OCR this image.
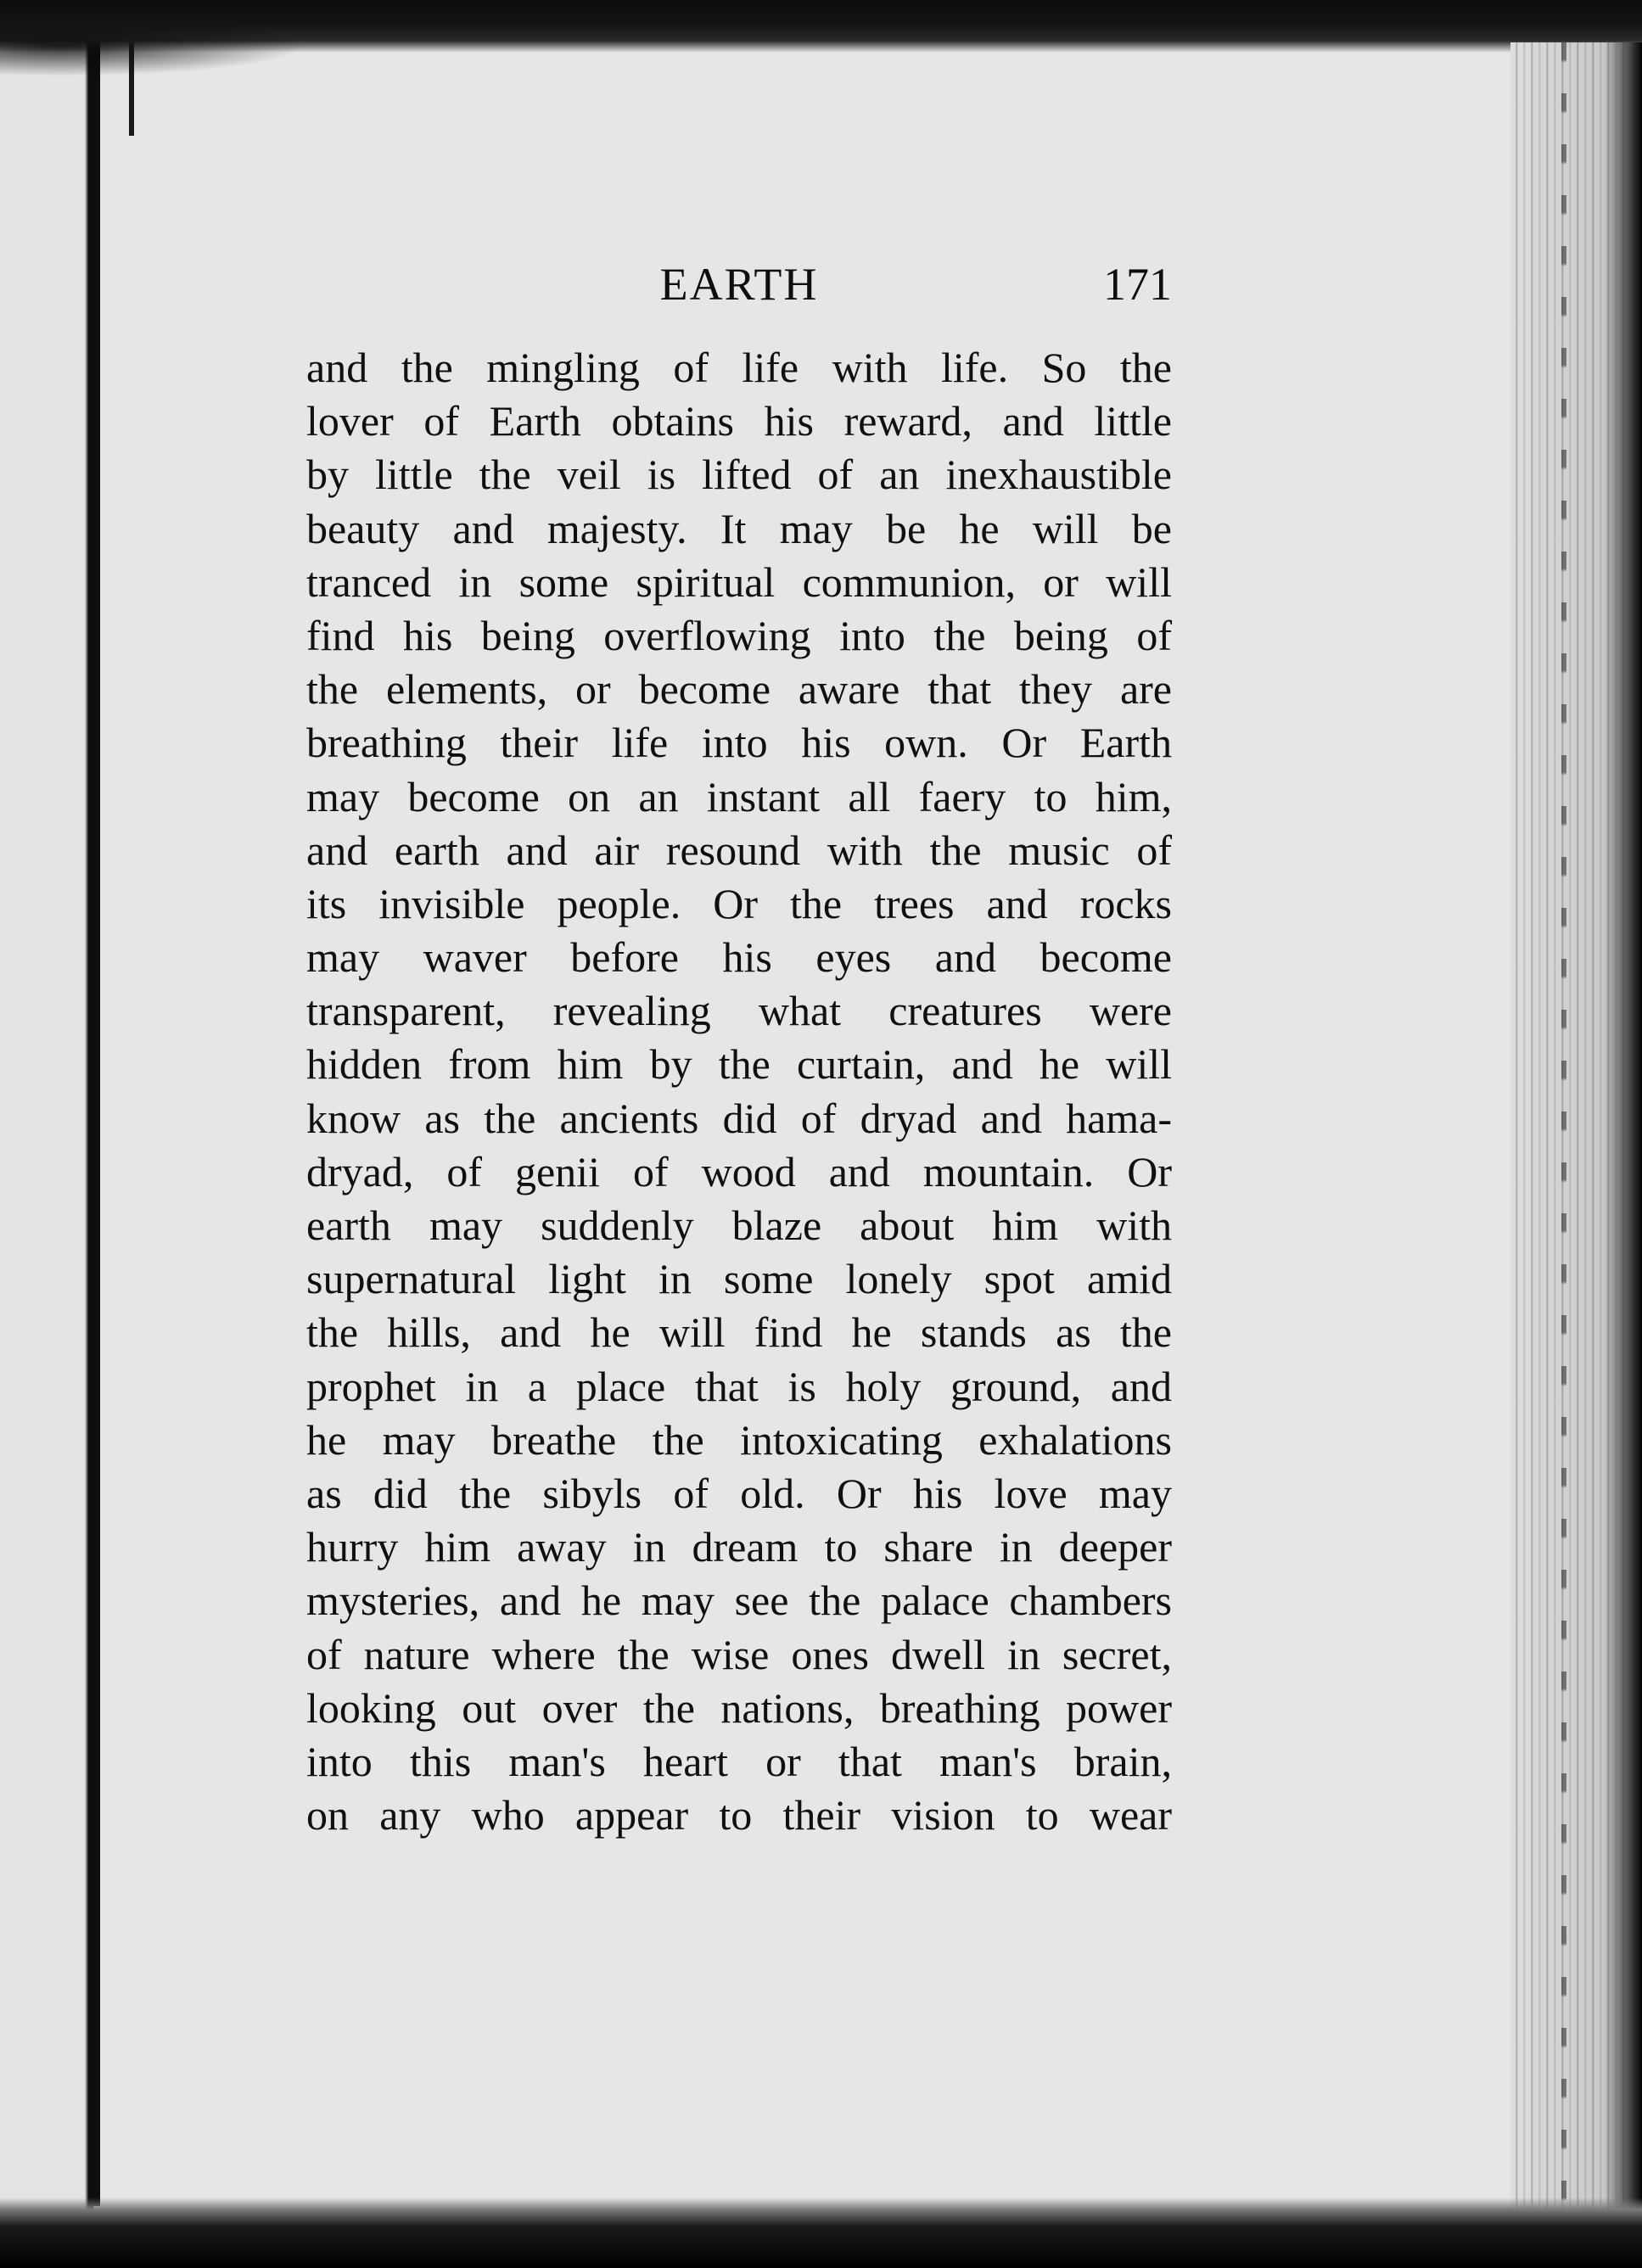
EARTH	171
and the mingling of life with life. So the
lover of Earth obtains his reward, and little
by little the veil is lifted of an inexhaustible
beauty and majesty. It may be he will be
tranced in some spiritual communion, or will
find his being overflowing into the being of
the elements, or become aware that they are
breathing their life into his own. Or Earth
may become on an instant all faery to him,
and earth and air resound with the music of
its invisible people. Or the trees and rocks
may waver before his eyes and become
transparent, revealing what creatures were
hidden from him by the curtain, and he will
know as the ancients did of dryad and hama-
dryad, of genii of wood and mountain. Or
earth may suddenly blaze about him with
supernatural light in some lonely spot amid
the hills, and he will find he stands as the
prophet in a place that is holy ground, and
he may breathe the intoxicating exhalations
as did the sibyls of old. Or his love may
hurry him away in dream to share in deeper
mysteries, and he may see the palace chambers
of nature where the wise ones dwell in secret,
looking out over the nations, breathing power
into this man's heart or that man's brain,
on any who appear to their vision to wear
